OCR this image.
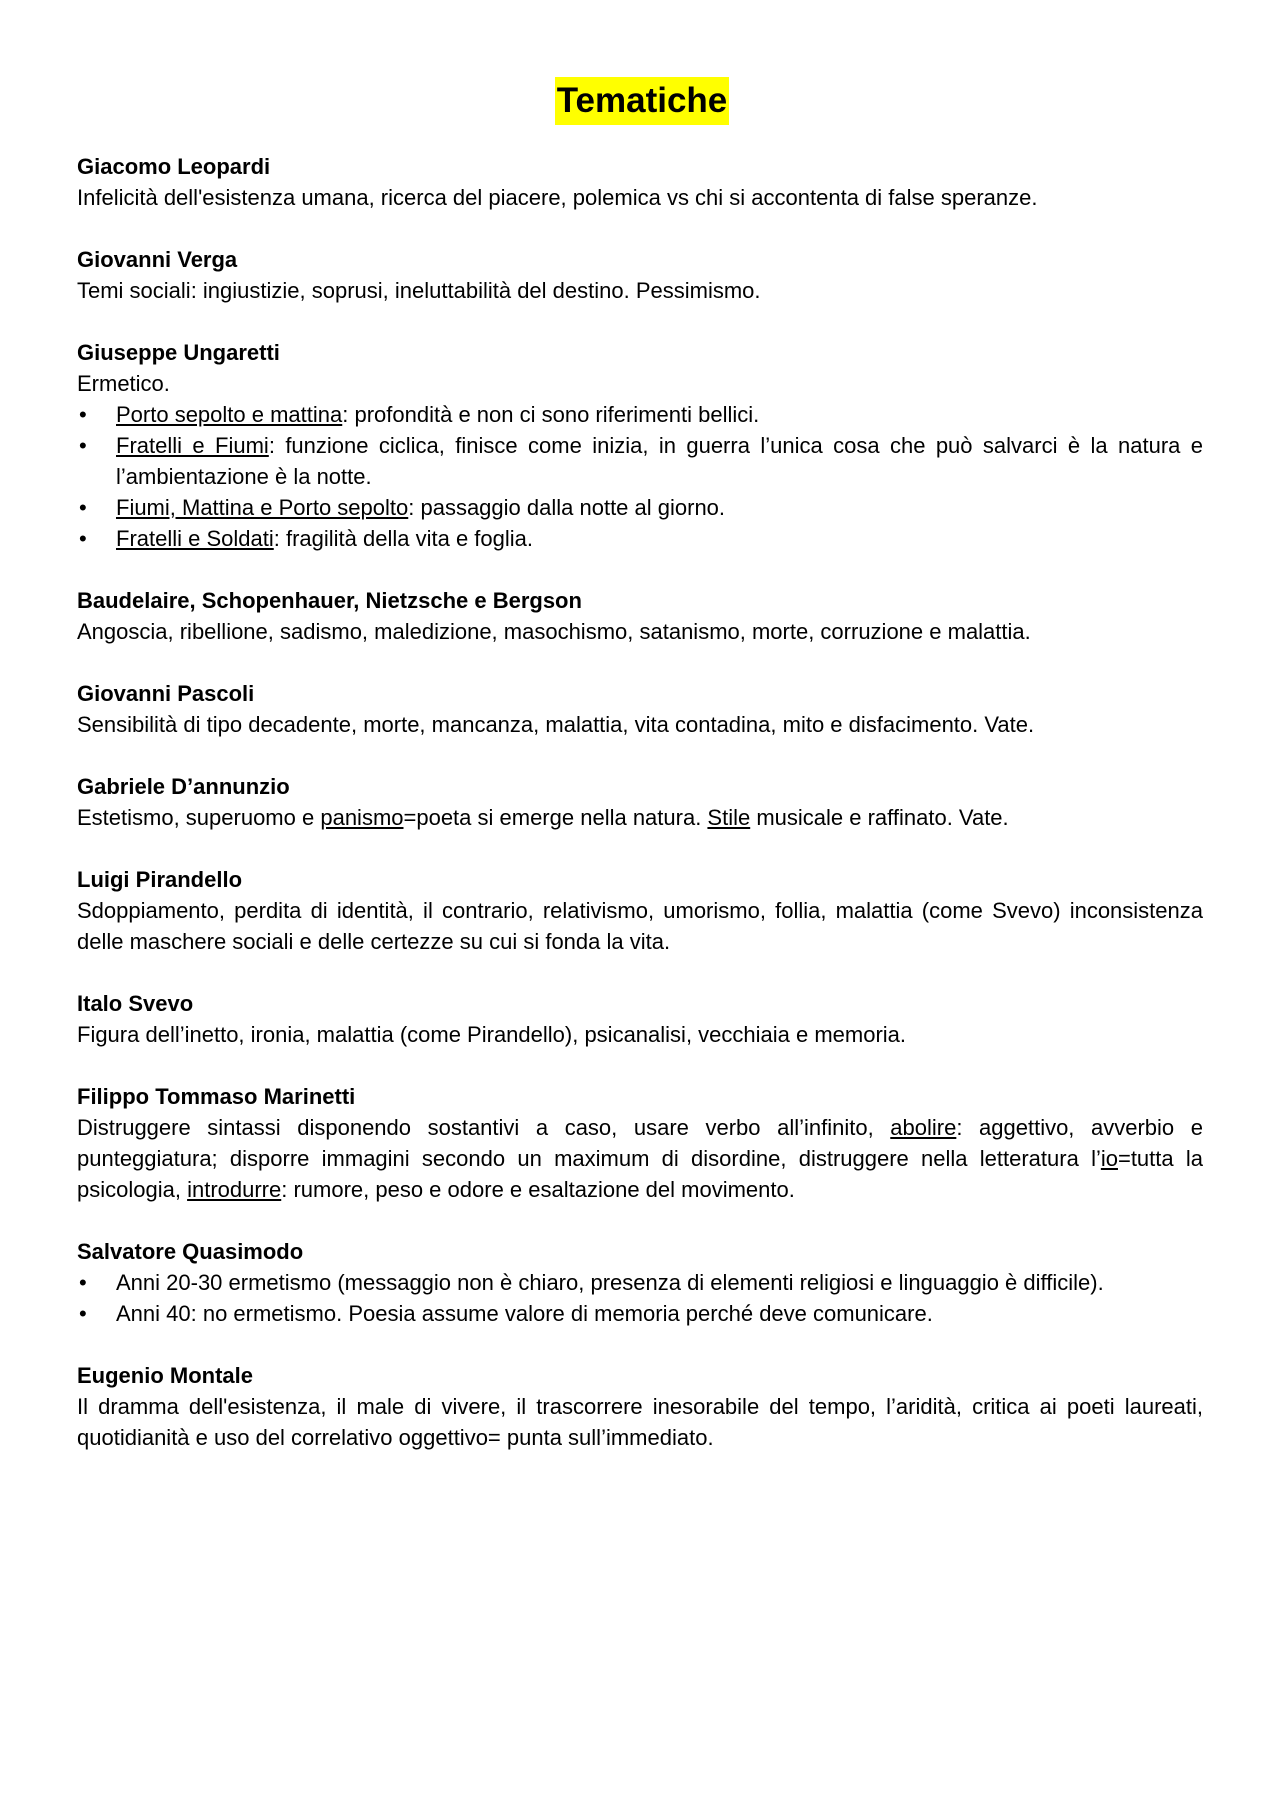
Tematiche
Giacomo Leopardi
Infelicità dell'esistenza umana, ricerca del piacere, polemica vs chi si accontenta di false speranze.
Giovanni Verga
Temi sociali: ingiustizie, soprusi, ineluttabilità del destino. Pessimismo.
Giuseppe Ungaretti
Ermetico.
• Porto sepolto e mattina: profondità e non ci sono riferimenti bellici.
• Fratelli e Fiumi: funzione ciclica, finisce come inizia, in guerra l’unica cosa che può salvarci è la natura e l’ambientazione è la notte.
• Fiumi, Mattina e Porto sepolto: passaggio dalla notte al giorno.
• Fratelli e Soldati: fragilità della vita e foglia.
Baudelaire, Schopenhauer, Nietzsche e Bergson
Angoscia, ribellione, sadismo, maledizione, masochismo, satanismo, morte, corruzione e malattia.
Giovanni Pascoli
Sensibilità di tipo decadente, morte, mancanza, malattia, vita contadina, mito e disfacimento. Vate.
Gabriele D’annunzio
Estetismo, superuomo e panismo=poeta si emerge nella natura. Stile musicale e raffinato. Vate.
Luigi Pirandello
Sdoppiamento, perdita di identità, il contrario, relativismo, umorismo, follia, malattia (come Svevo) inconsistenza delle maschere sociali e delle certezze su cui si fonda la vita.
Italo Svevo
Figura dell’inetto, ironia, malattia (come Pirandello), psicanalisi, vecchiaia e memoria.
Filippo Tommaso Marinetti
Distruggere sintassi disponendo sostantivi a caso, usare verbo all’infinito, abolire: aggettivo, avverbio e punteggiatura; disporre immagini secondo un maximum di disordine, distruggere nella letteratura l’io=tutta la psicologia, introdurre: rumore, peso e odore e esaltazione del movimento.
Salvatore Quasimodo
• Anni 20-30 ermetismo (messaggio non è chiaro, presenza di elementi religiosi e linguaggio è difficile).
• Anni 40: no ermetismo. Poesia assume valore di memoria perché deve comunicare.
Eugenio Montale
Il dramma dell'esistenza, il male di vivere, il trascorrere inesorabile del tempo, l’aridità, critica ai poeti laureati, quotidianità e uso del correlativo oggettivo= punta sull’immediato.
